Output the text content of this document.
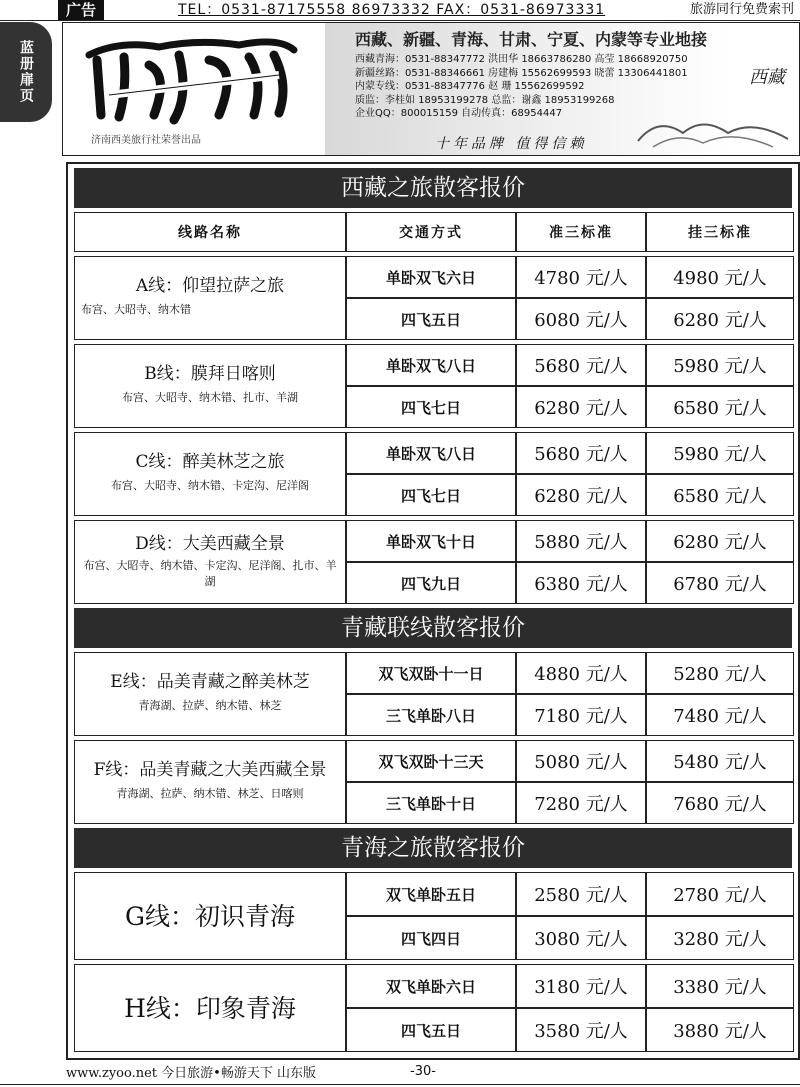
广告	TEL：0531-87175558 86973332 FAX：0531-86973331	旅游同行免费索刊
蓝册扉页
济南西美旅行社荣誉出品
西藏、新疆、青海、甘肃、宁夏、内蒙等专业地接
西藏青海：0531-88347772 洪田华 18663786280 高莹 18668920750
新疆丝路：0531-88346661 房建梅 15562699593 晓蕾 13306441801
内蒙专线：0531-88347776 赵 珊 15562699592
质监：李桂如 18953199278 总监：谢鑫 18953199268
企业QQ：800015159 自动传真：68954447
十年品牌 值得信赖
西藏
西藏之旅散客报价
线路名称	交通方式	准三标准	挂三标准
A线：仰望拉萨之旅
布宫、大昭寺、纳木错
单卧双飞六日	4780 元/人	4980 元/人
四飞五日	6080 元/人	6280 元/人
B线：膜拜日喀则
布宫、大昭寺、纳木错、扎市、羊湖
单卧双飞八日	5680 元/人	5980 元/人
四飞七日	6280 元/人	6580 元/人
C线：醉美林芝之旅
布宫、大昭寺、纳木错、卡定沟、尼洋阁
单卧双飞八日	5680 元/人	5980 元/人
四飞七日	6280 元/人	6580 元/人
D线：大美西藏全景
布宫、大昭寺、纳木错、卡定沟、尼洋阁、扎市、羊湖
单卧双飞十日	5880 元/人	6280 元/人
四飞九日	6380 元/人	6780 元/人
青藏联线散客报价
E线：品美青藏之醉美林芝
青海湖、拉萨、纳木错、林芝
双飞双卧十一日	4880 元/人	5280 元/人
三飞单卧八日	7180 元/人	7480 元/人
F线：品美青藏之大美西藏全景
青海湖、拉萨、纳木错、林芝、日喀则
双飞双卧十三天	5080 元/人	5480 元/人
三飞单卧十日	7280 元/人	7680 元/人
青海之旅散客报价
G线：初识青海
双飞单卧五日	2580 元/人	2780 元/人
四飞四日	3080 元/人	3280 元/人
H线：印象青海
双飞单卧六日	3180 元/人	3380 元/人
四飞五日	3580 元/人	3880 元/人
www.zyoo.net 今日旅游•畅游天下 山东版	-30-
